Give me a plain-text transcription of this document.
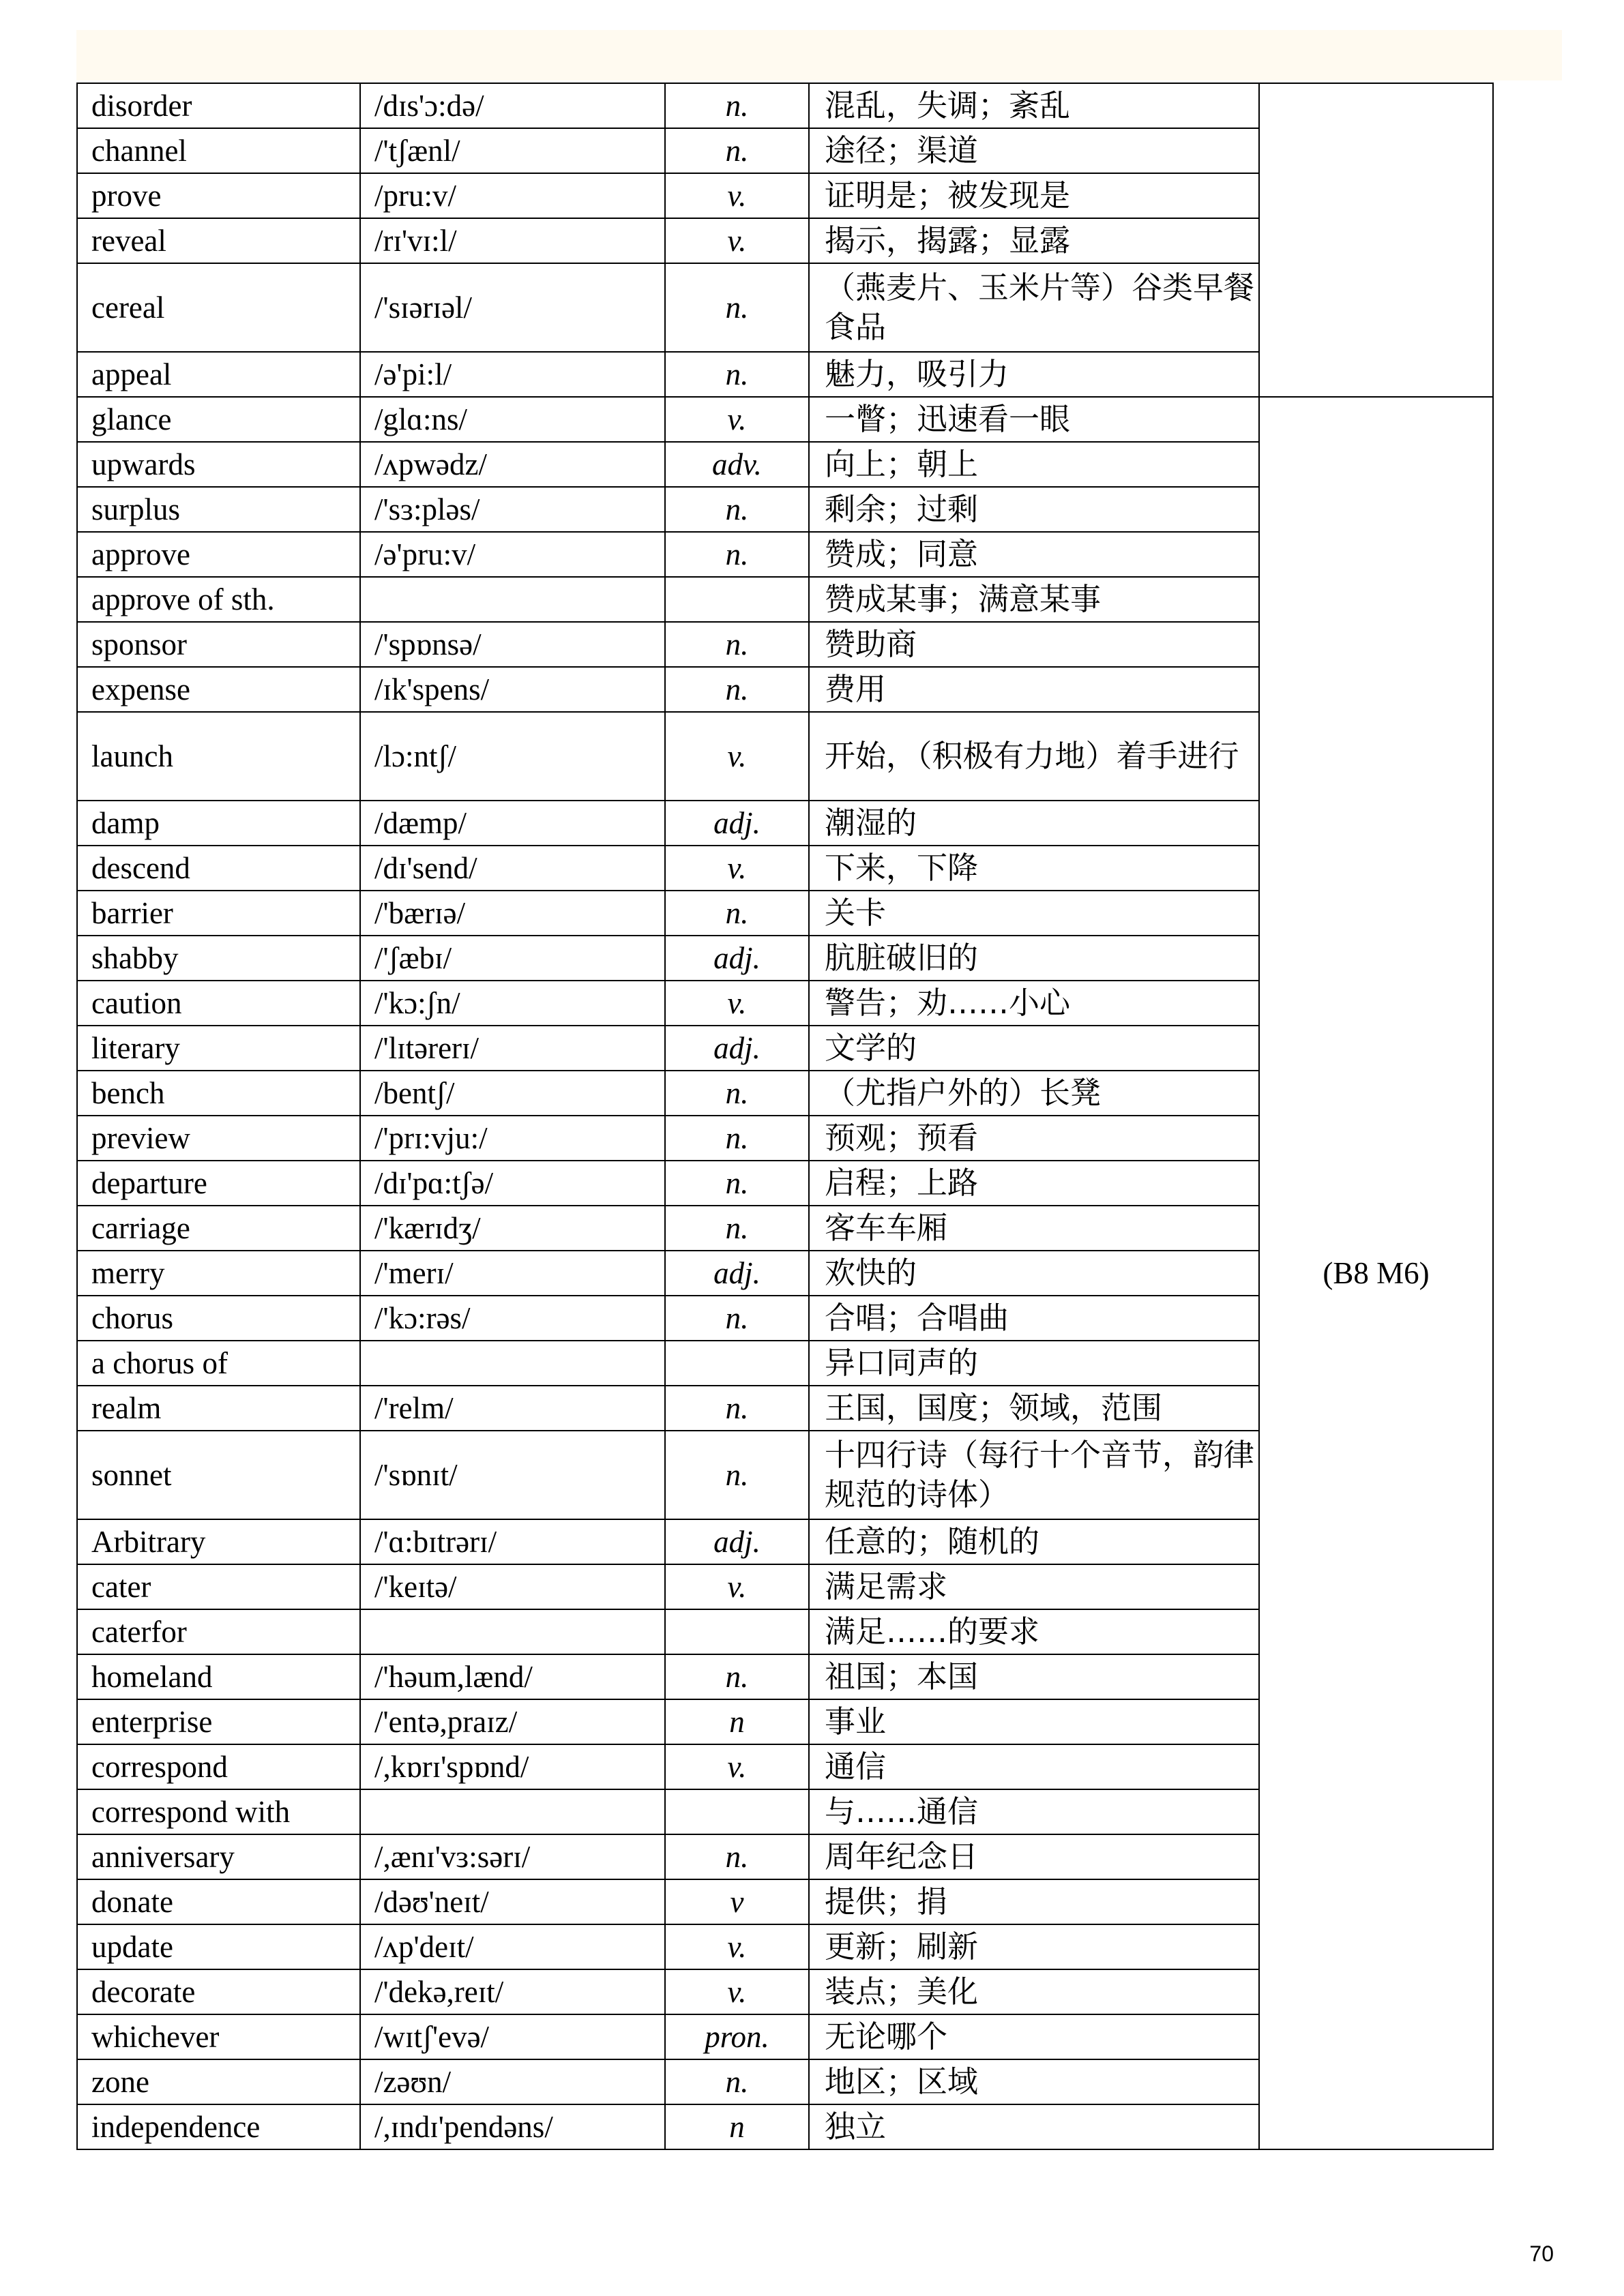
disorder	/dɪs'ɔ:də/	n.	混乱，失调；紊乱	
channel	/'tʃænl/	n.	途径；渠道	
prove	/pru:v/	v.	证明是；被发现是	
reveal	/rɪ'vɪ:l/	v.	揭示，揭露；显露	
cereal	/'sɪərɪəl/	n.	（燕麦片、玉米片等）谷类早餐食品	
appeal	/ə'pi:l/	n.	魅力，吸引力	
glance	/glɑ:ns/	v.	一瞥；迅速看一眼	(B8 M6)
upwards	/ʌpwədz/	adv.	向上；朝上	
surplus	/'sɜ:pləs/	n.	剩余；过剩	
approve	/ə'pru:v/	n.	赞成；同意	
approve of sth.			赞成某事；满意某事	
sponsor	/'spɒnsə/	n.	赞助商	
expense	/ɪk'spens/	n.	费用	
launch	/lɔ:ntʃ/	v.	开始，（积极有力地）着手进行	
damp	/dæmp/	adj.	潮湿的	
descend	/dɪ'send/	v.	下来，下降	
barrier	/'bærɪə/	n.	关卡	
shabby	/'ʃæbɪ/	adj.	肮脏破旧的	
caution	/'kɔ:ʃn/	v.	警告；劝……小心	
literary	/'lɪtərerɪ/	adj.	文学的	
bench	/bentʃ/	n.	（尤指户外的）长凳	
preview	/'prɪ:vju:/	n.	预观；预看	
departure	/dɪ'pɑ:tʃə/	n.	启程；上路	
carriage	/'kærɪdʒ/	n.	客车车厢	
merry	/'merɪ/	adj.	欢快的	
chorus	/'kɔ:rəs/	n.	合唱；合唱曲	
a chorus of			异口同声的	
realm	/'relm/	n.	王国，国度；领域，范围	
sonnet	/'sɒnɪt/	n.	十四行诗（每行十个音节，韵律规范的诗体）	
Arbitrary	/'ɑ:bɪtrərɪ/	adj.	任意的；随机的	
cater	/'keɪtə/	v.	满足需求	
caterfor			满足……的要求	
homeland	/'həum,lænd/	n.	祖国；本国	
enterprise	/'entə,praɪz/	n	事业	
correspond	/,kɒrɪ'spɒnd/	v.	通信	
correspond with			与……通信	
anniversary	/,ænɪ'vɜ:sərɪ/	n.	周年纪念日	
donate	/dəʊ'neɪt/	v	提供；捐	
update	/ʌp'deɪt/	v.	更新；刷新	
decorate	/'dekə,reɪt/	v.	装点；美化	
whichever	/wɪtʃ'evə/	pron.	无论哪个	
zone	/zəʊn/	n.	地区；区域	
independence	/,ɪndɪ'pendəns/	n	独立	
70
